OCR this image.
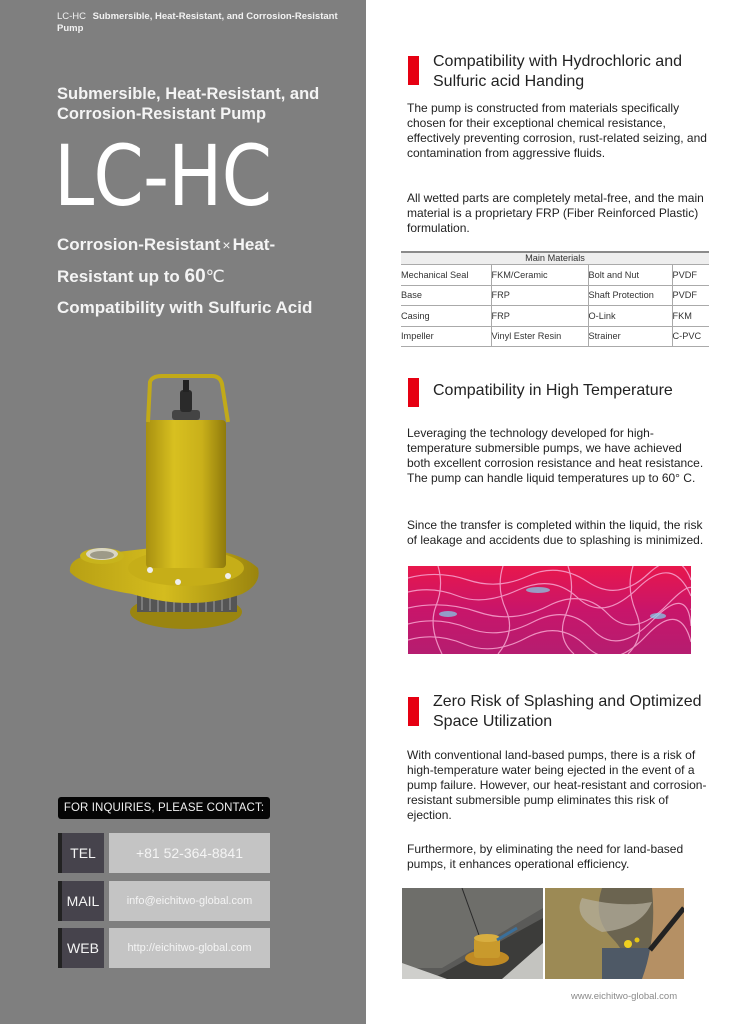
LC-HC Submersible, Heat-Resistant, and Corrosion-Resistant Pump
Submersible, Heat-Resistant, and Corrosion-Resistant Pump
LC-HC
Corrosion-Resistant × Heat-
Resistant up to 60℃
Compatibility with Sulfuric Acid
FOR INQUIRIES, PLEASE CONTACT:
TEL	+81 52-364-8841
MAIL	info@eichitwo-global.com
WEB	http://eichitwo-global.com
Compatibility with Hydrochloric and Sulfuric acid Handing
The pump is constructed from materials specifically chosen for their exceptional chemical resistance, effectively preventing corrosion, rust-related seizing, and contamination from aggressive fluids.
All wetted parts are completely metal-free, and the main material is a proprietary FRP (Fiber Reinforced Plastic) formulation.
Main Materials			
Mechanical Seal	FKM/Ceramic	Bolt and Nut	PVDF
Base	FRP	Shaft Protection	PVDF
Casing	FRP	O-Link	FKM
Impeller	Vinyl Ester Resin	Strainer	C-PVC
Compatibility in High Temperature
Leveraging the technology developed for high-temperature submersible pumps, we have achieved both excellent corrosion resistance and heat resistance. The pump can handle liquid temperatures up to 60° C.
Since the transfer is completed within the liquid, the risk of leakage and accidents due to splashing is minimized.
Zero Risk of Splashing and Optimized Space Utilization
With conventional land-based pumps, there is a risk of high-temperature water being ejected in the event of a pump failure. However, our heat-resistant and corrosion-resistant submersible pump eliminates this risk of ejection.
Furthermore, by eliminating the need for land-based pumps, it enhances operational efficiency.
www.eichitwo-global.com
